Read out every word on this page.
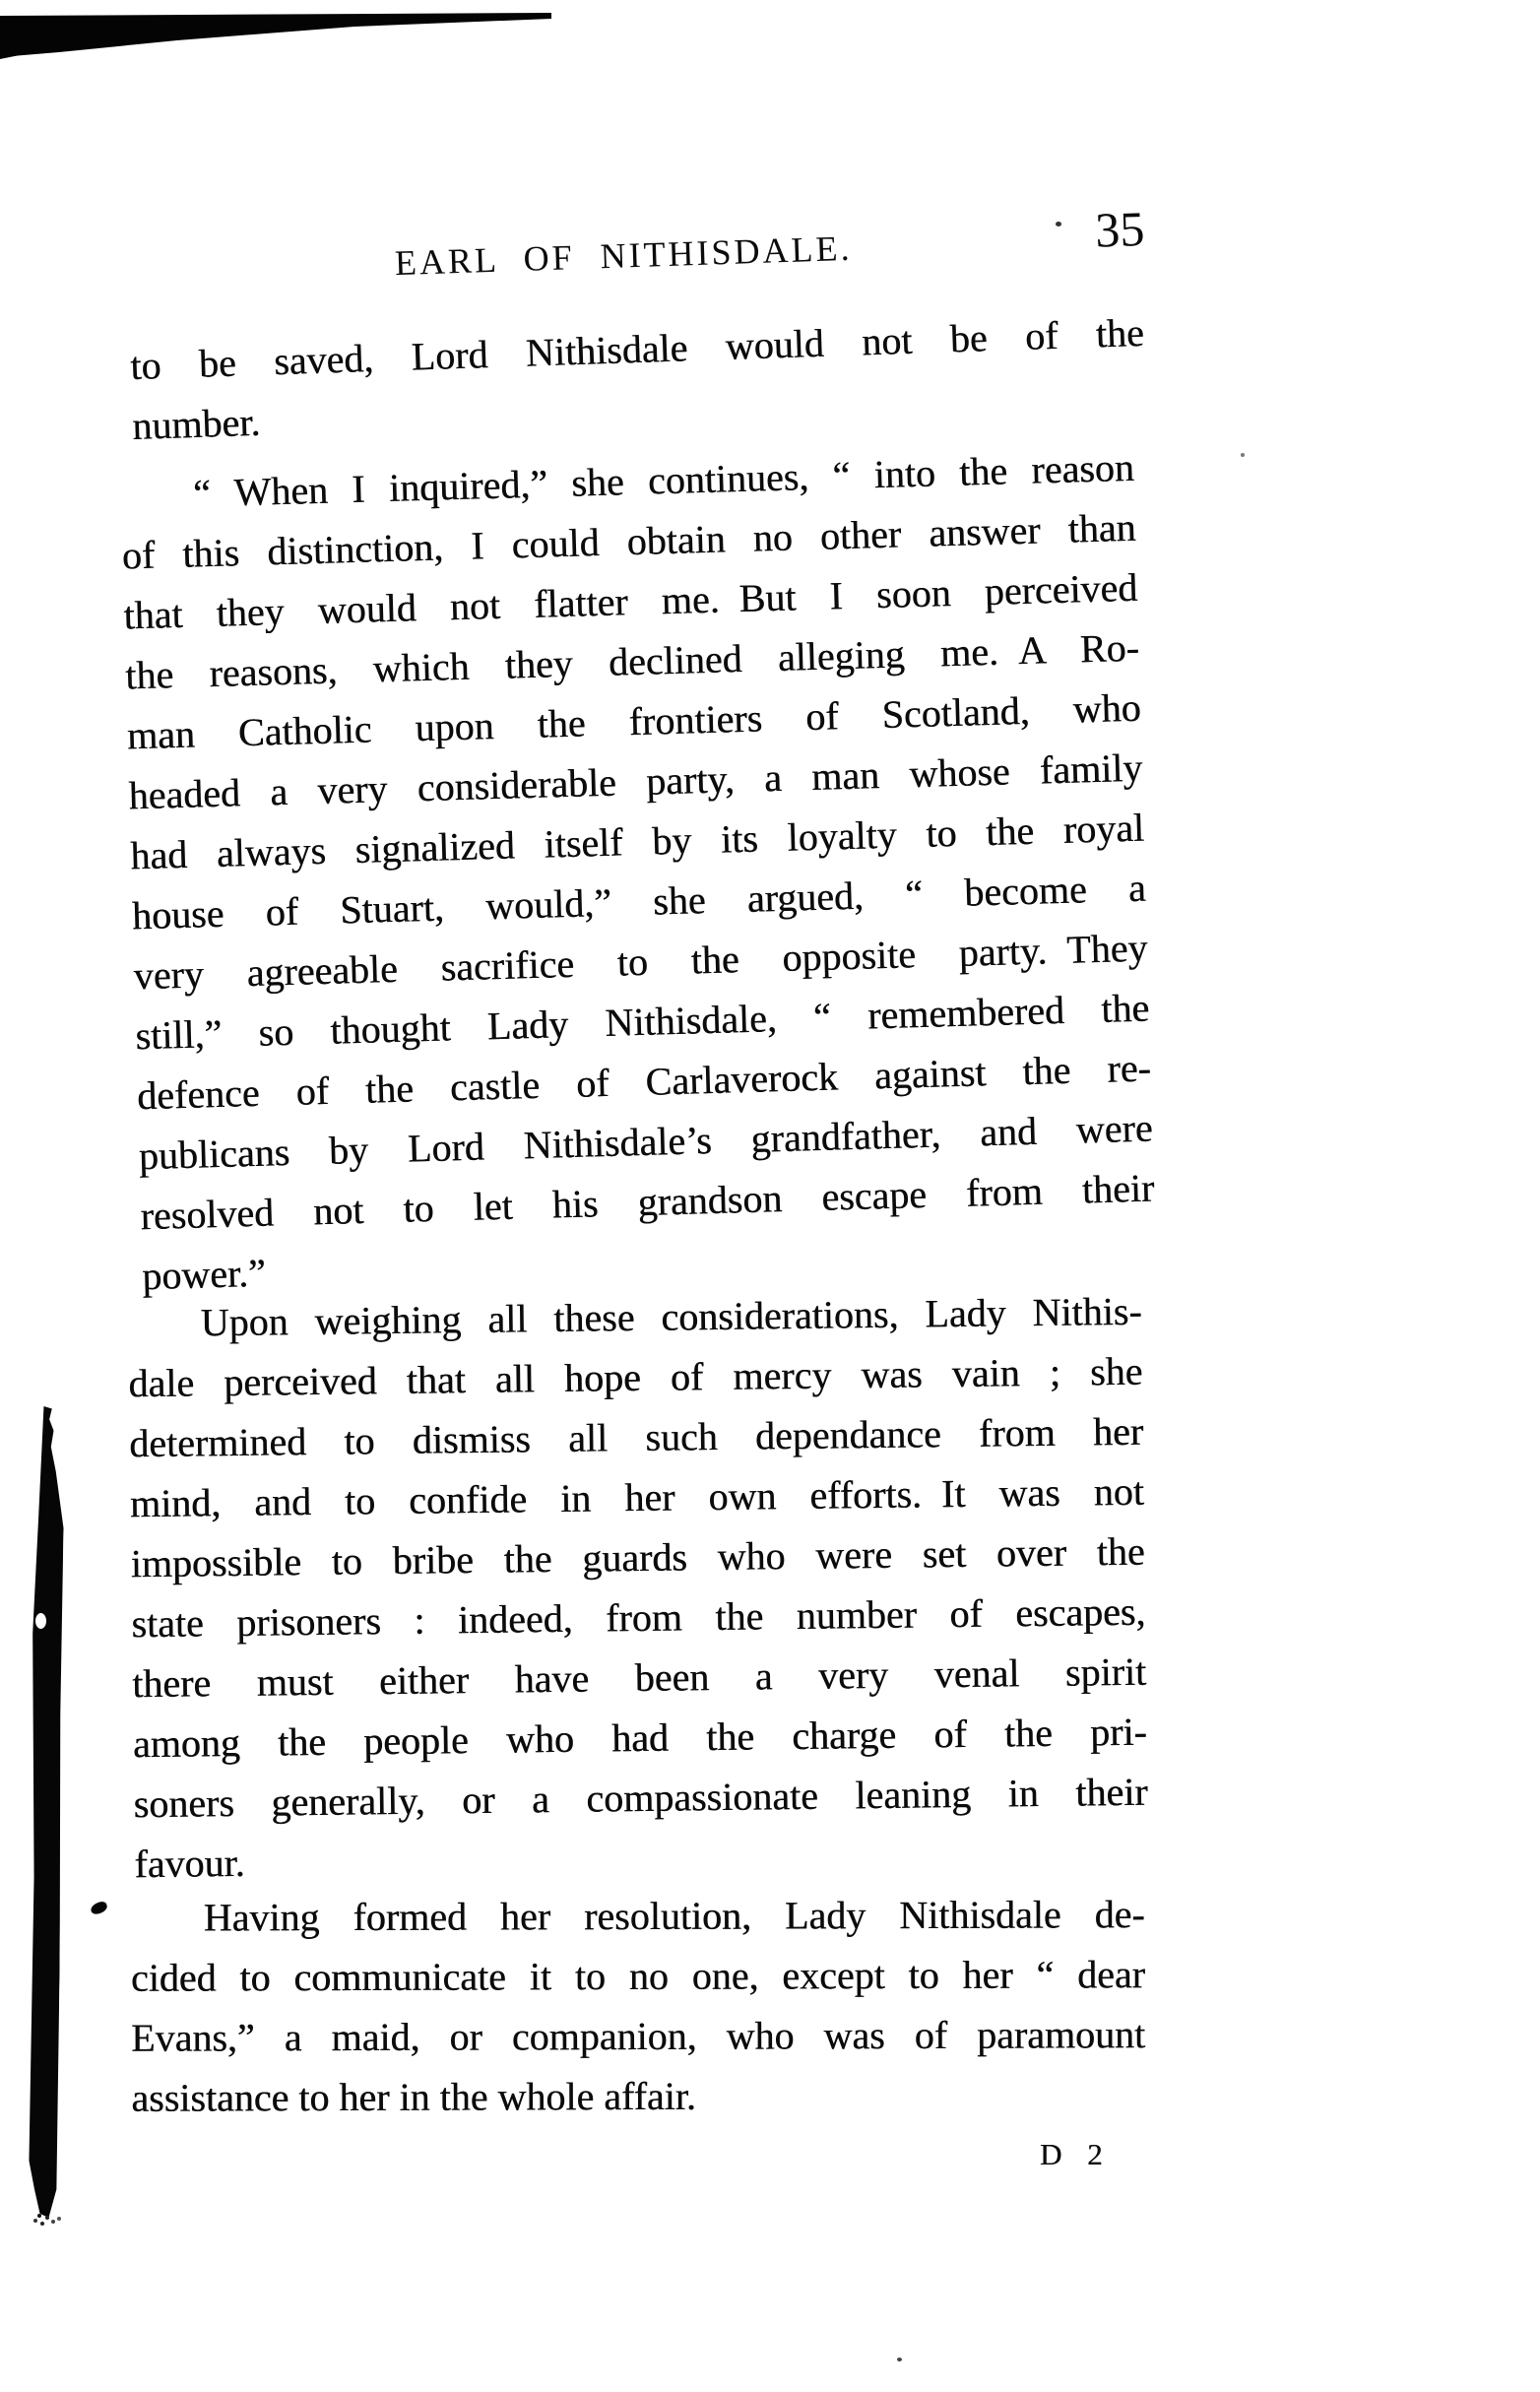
EARL OF NITHISDALE.	35
to be saved, Lord Nithisdale would not be of the
number.
“ When I inquired,” she continues, “ into the reason
of this distinction, I could obtain no other answer than
that they would not flatter me. But I soon perceived
the reasons, which they declined alleging me. A Ro-
man Catholic upon the frontiers of Scotland, who
headed a very considerable party, a man whose family
had always signalized itself by its loyalty to the royal
house of Stuart, would,” she argued, “ become a
very agreeable sacrifice to the opposite party. They
still,” so thought Lady Nithisdale, “ remembered the
defence of the castle of Carlaverock against the re-
publicans by Lord Nithisdale’s grandfather, and were
resolved not to let his grandson escape from their
power.”
Upon weighing all these considerations, Lady Nithis-
dale perceived that all hope of mercy was vain ; she
determined to dismiss all such dependance from her
mind, and to confide in her own efforts. It was not
impossible to bribe the guards who were set over the
state prisoners : indeed, from the number of escapes,
there must either have been a very venal spirit
among the people who had the charge of the pri-
soners generally, or a compassionate leaning in their
favour.
Having formed her resolution, Lady Nithisdale de-
cided to communicate it to no one, except to her “ dear
Evans,” a maid, or companion, who was of paramount
assistance to her in the whole affair.
D 2
